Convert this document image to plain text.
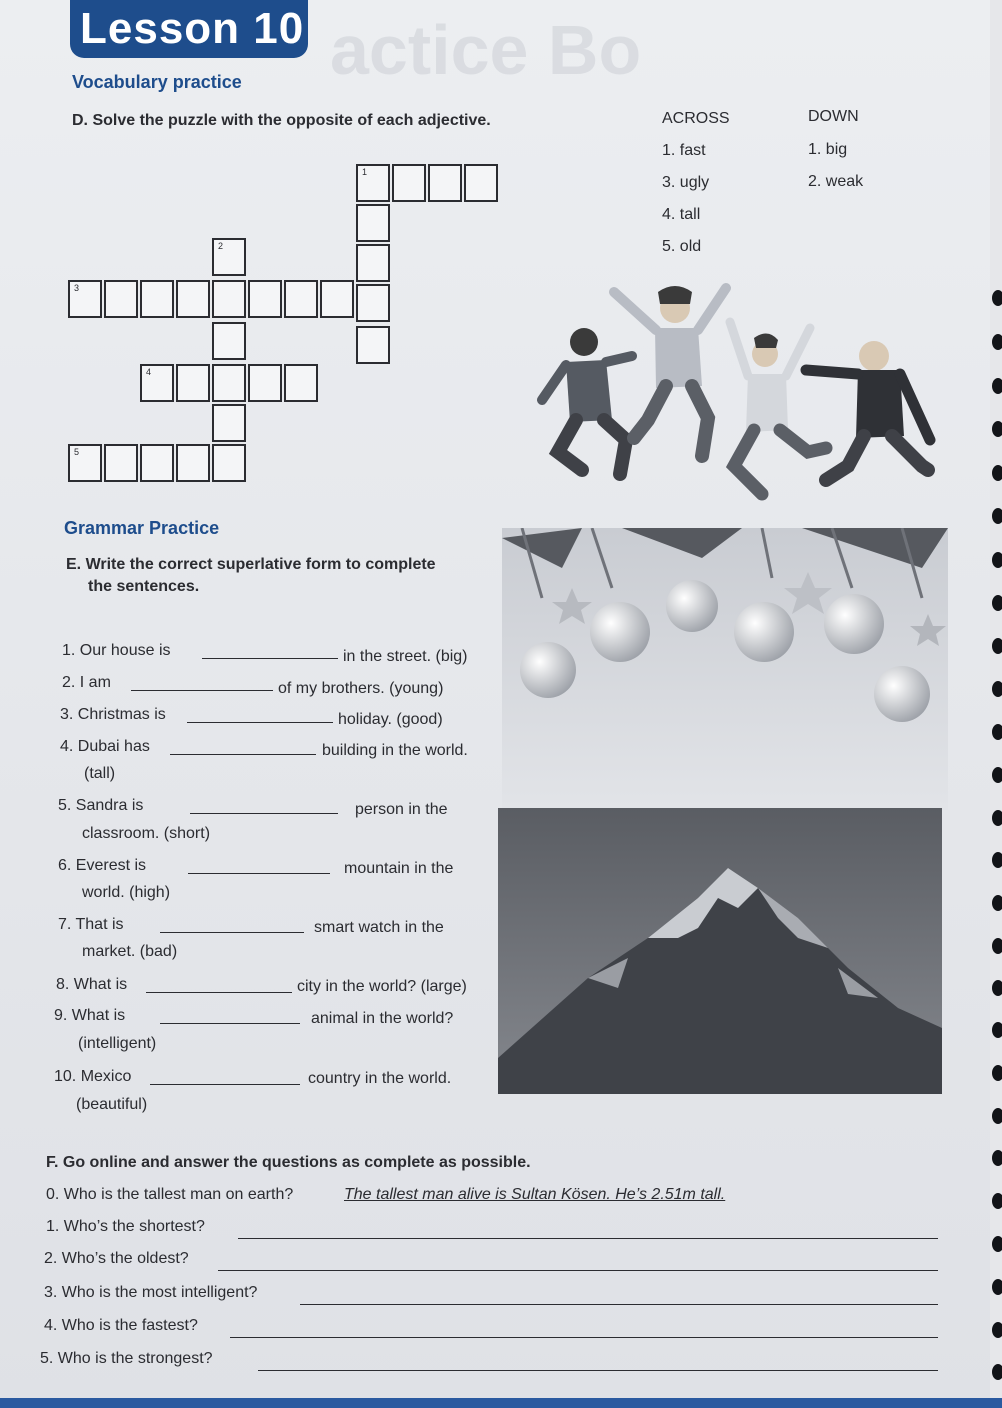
actice Bo
Lesson 10
Vocabulary practice
D. Solve the puzzle with the opposite of each adjective.	ACROSS	DOWN
1. fast
3. ugly
4. tall
5. old
1. big
2. weak
1
2
3
4
5
Grammar Practice
E. Write the correct superlative form to complete
the sentences.
1. Our house is	in the street. (big)
2. I am	of my brothers. (young)
3. Christmas is	holiday. (good)
4. Dubai has	building in the world.
(tall)
5. Sandra is	person in the
classroom. (short)
6. Everest is	mountain in the
world. (high)
7. That is	smart watch in the
market. (bad)
8. What is	city in the world? (large)
9. What is	animal in the world?
(intelligent)
10. Mexico	country in the world.
(beautiful)
F. Go online and answer the questions as complete as possible.
0. Who is the tallest man on earth?	The tallest man alive is Sultan Kösen. He’s 2.51m tall.
1. Who’s the shortest?
2. Who’s the oldest?
3. Who is the most intelligent?
4. Who is the fastest?
5. Who is the strongest?
